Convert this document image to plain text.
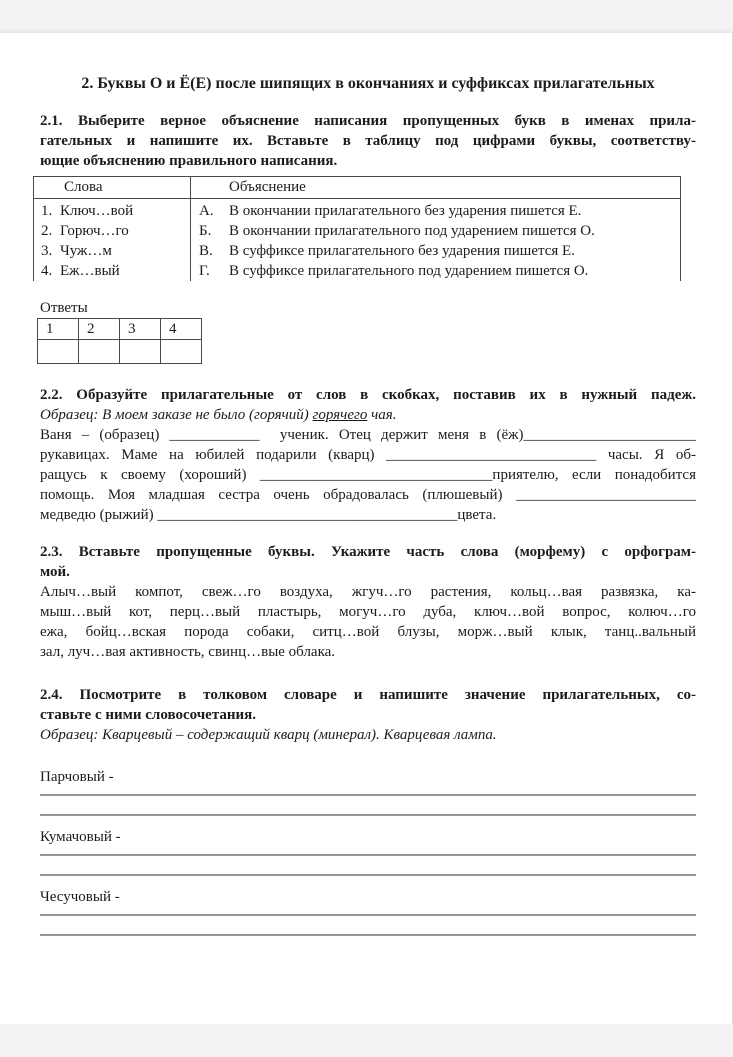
2. Буквы О и Ё(Е) после шипящих в окончаниях и суффиксах прилагательных
2.1. Выберите верное объяснение написания пропущенных букв в именах прила-
гательных и напишите их. Вставьте в таблицу под цифрами буквы, соответству-
ющие объяснению правильного написания.
Слова	Объяснение
1. Ключ…вой	А. В окончании прилагательного без ударения пишется Е.
2. Горюч…го	Б. В окончании прилагательного под ударением пишется О.
3. Чуж…м	В. В суффиксе прилагательного без ударения пишется Е.
4. Еж…вый	Г. В суффиксе прилагательного под ударением пишется О.
Ответы
1	2	3	4

2.2. Образуйте прилагательные от слов в скобках, поставив их в нужный падеж.
Образец: В моем заказе не было (горячий) горячего чая.
Ваня – (образец) ____________  ученик. Отец держит меня в (ёж)_______________________
рукавицах. Маме на юбилей подарили (кварц) ____________________________ часы. Я об-
ращусь к своему (хороший) _______________________________приятелю, если понадобится
помощь. Моя младшая сестра очень обрадовалась (плюшевый) ________________________
медведю (рыжий) ________________________________________цвета.
2.3. Вставьте пропущенные буквы. Укажите часть слова (морфему) с орфограм-
мой.
Алыч…вый компот, свеж…го воздуха, жгуч…го растения, кольц…вая развязка, ка-
мыш…вый кот, перц…вый пластырь, могуч…го дуба, ключ…вой вопрос, колюч…го
ежа, бойц…вская порода собаки, ситц…вой блузы, морж…вый клык, танц..вальный
зал, луч…вая активность, свинц…вые облака.
2.4. Посмотрите в толковом словаре и напишите значение прилагательных, со-
ставьте с ними словосочетания.
Образец: Кварцевый – содержащий кварц (минерал). Кварцевая лампа.
Парчовый -
Кумачовый -
Чесучовый -
